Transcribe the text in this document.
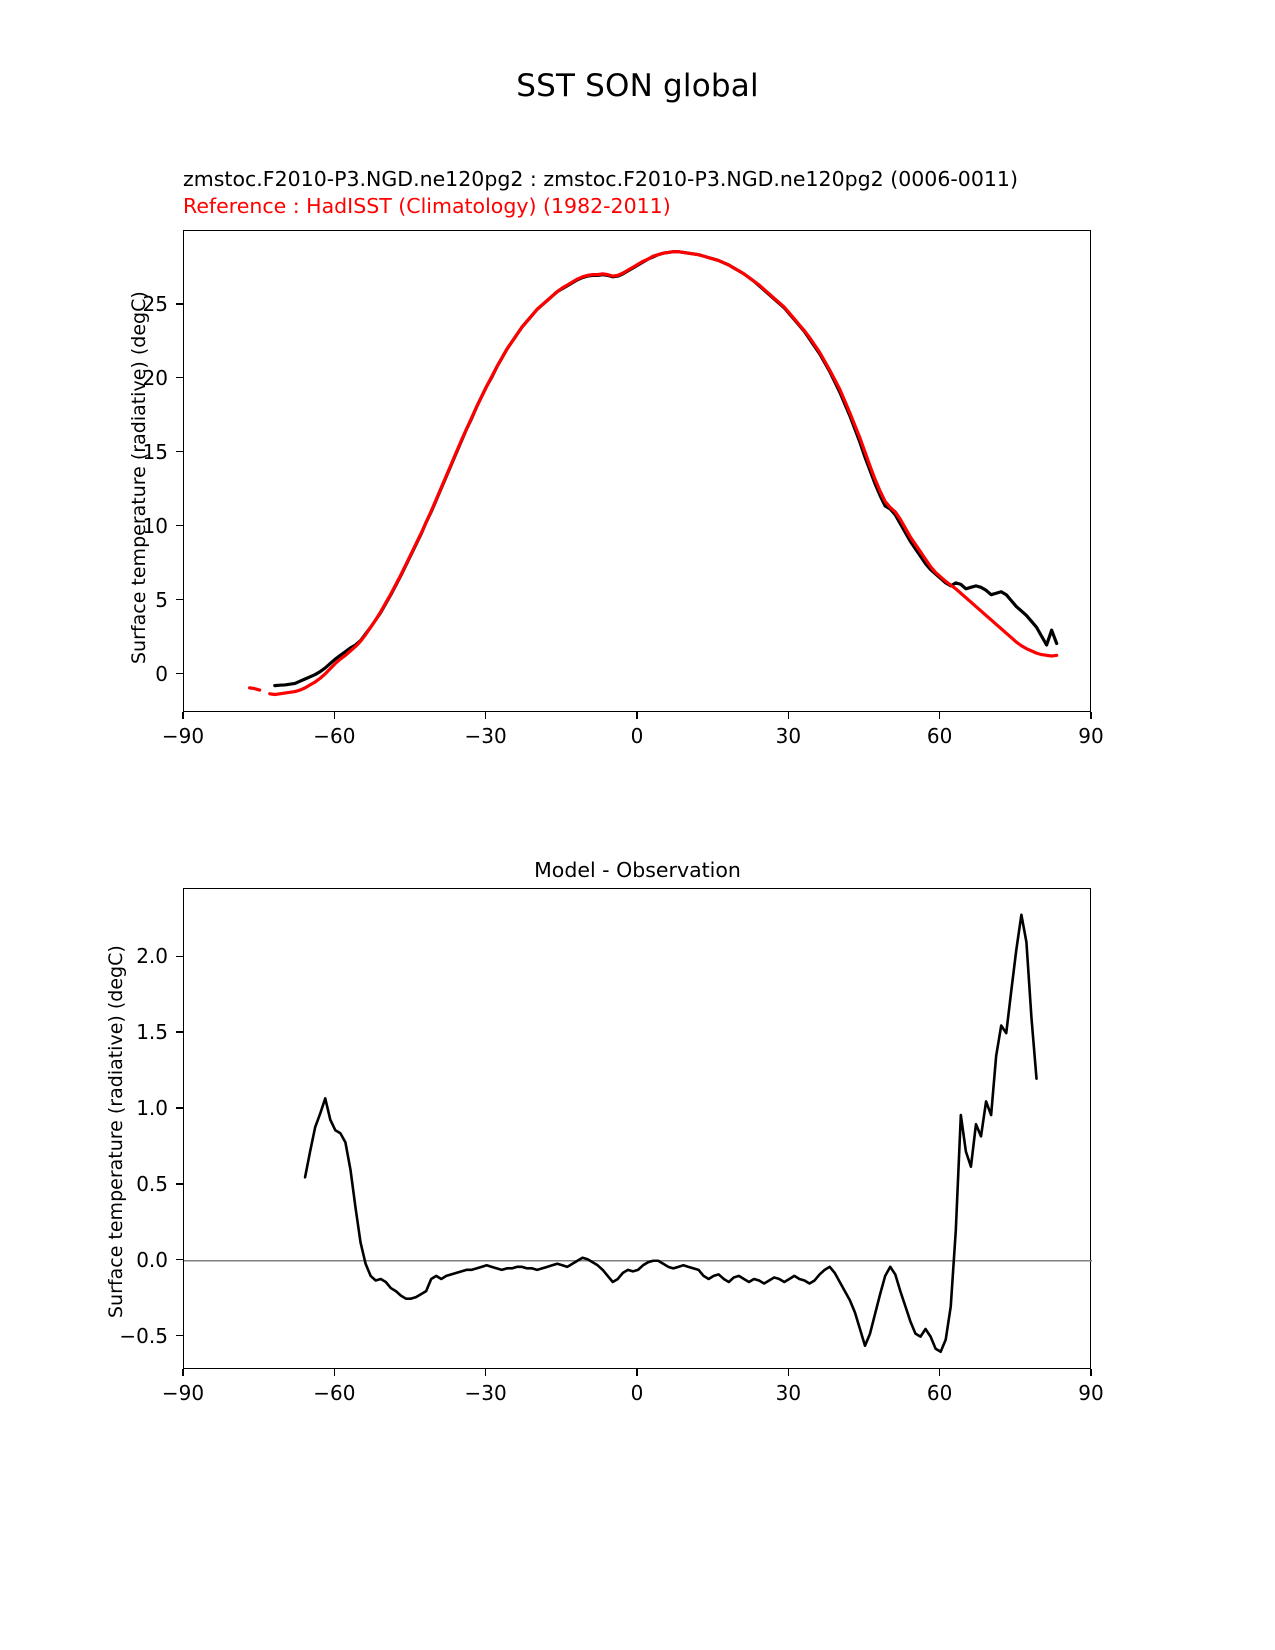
SST SON global
zmstoc.F2010-P3.NGD.ne120pg2 : zmstoc.F2010-P3.NGD.ne120pg2 (0006-0011)
Reference : HadISST (Climatology) (1982-2011)
Surface temperature (radiative) (degC)
−90	−60	−30	0	30	60	90
0
5
10
15
20
25
Model - Observation
Surface temperature (radiative) (degC)
−90	−60	−30	0	30	60	90
−0.5
0.0
0.5
1.0
1.5
2.0
